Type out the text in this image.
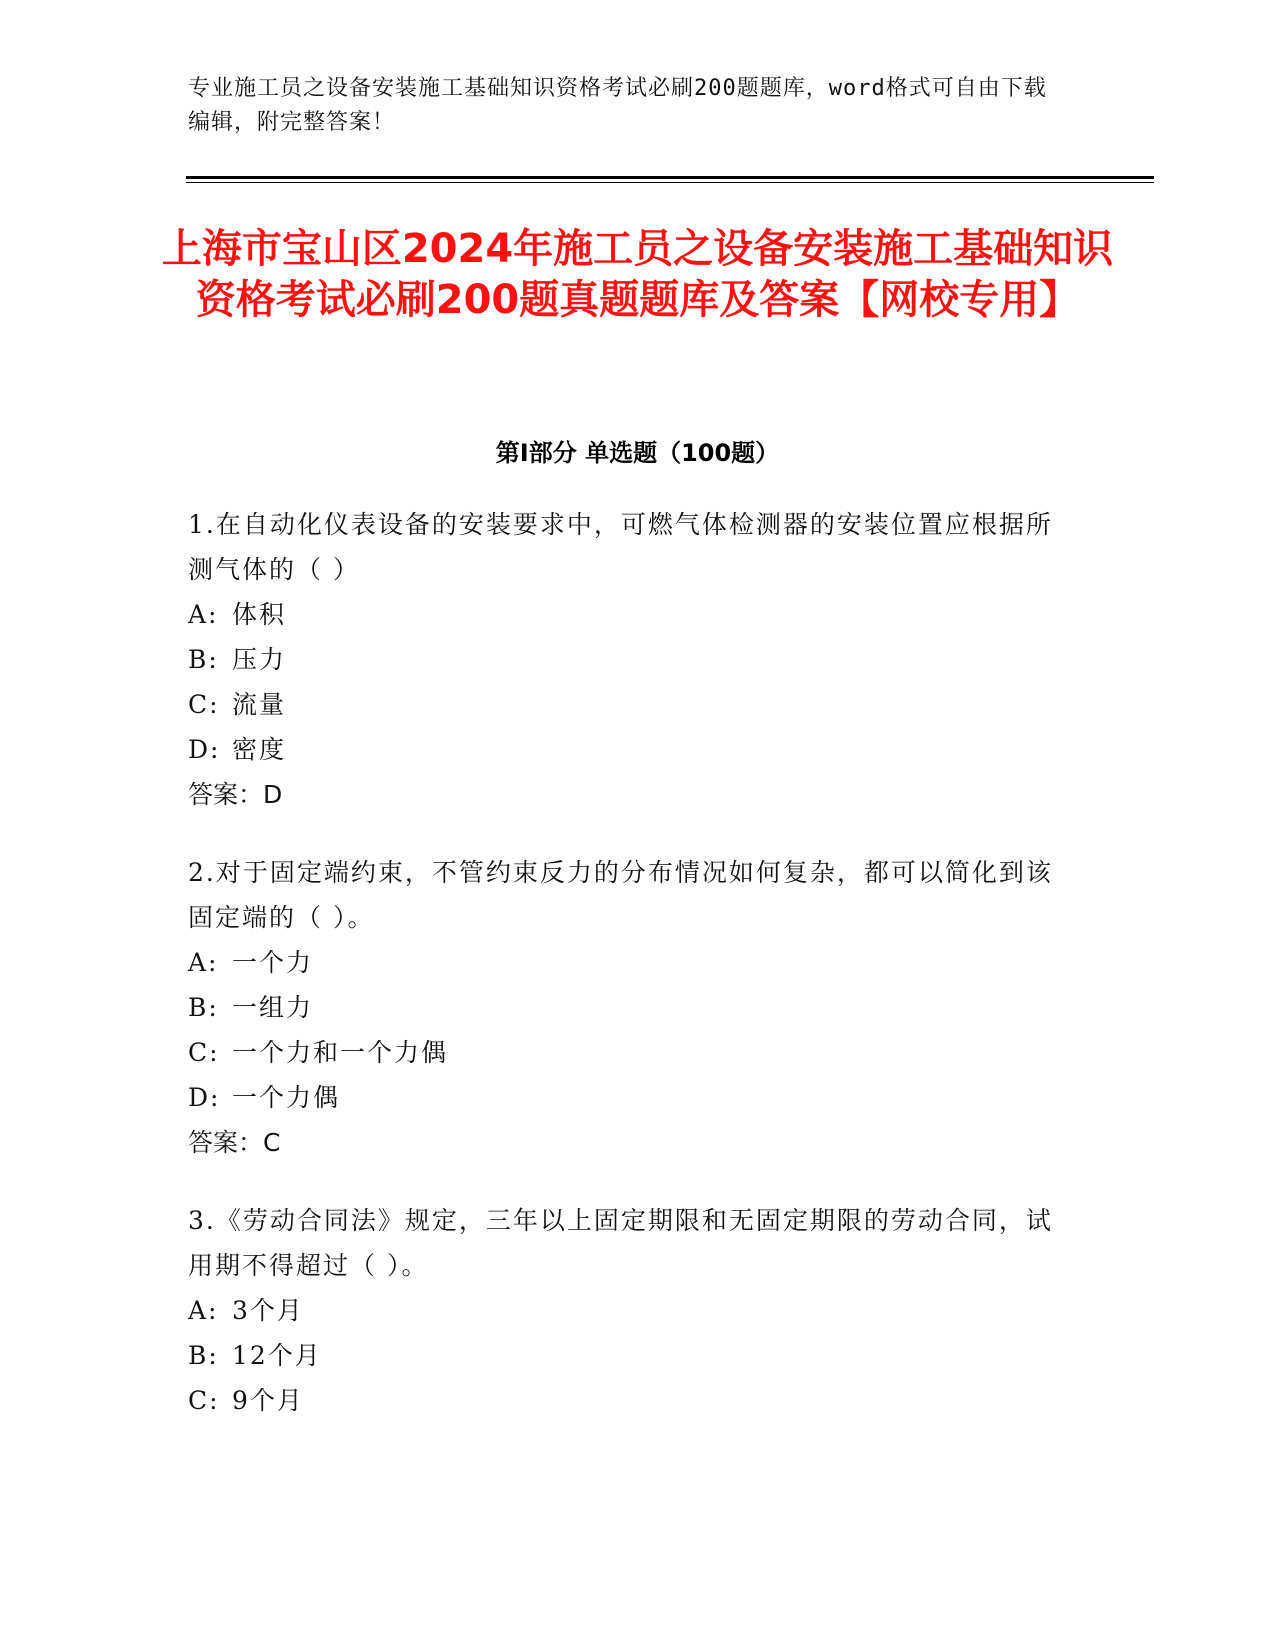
专业施工员之设备安装施工基础知识资格考试必刷200题题库，word格式可自由下载编辑，附完整答案！
上海市宝山区2024年施工员之设备安装施工基础知识资格考试必刷200题真题题库及答案【网校专用】
第I部分 单选题（100题）
1.在自动化仪表设备的安装要求中，可燃气体检测器的安装位置应根据所测气体的（ ）
A: 体积
B: 压力
C: 流量
D: 密度
答案：D
2.对于固定端约束，不管约束反力的分布情况如何复杂，都可以简化到该固定端的（ ）。
A: 一个力
B: 一组力
C: 一个力和一个力偶
D: 一个力偶
答案：C
3.《劳动合同法》规定，三年以上固定期限和无固定期限的劳动合同，试用期不得超过（ ）。
A: 3个月
B: 12个月
C: 9个月
